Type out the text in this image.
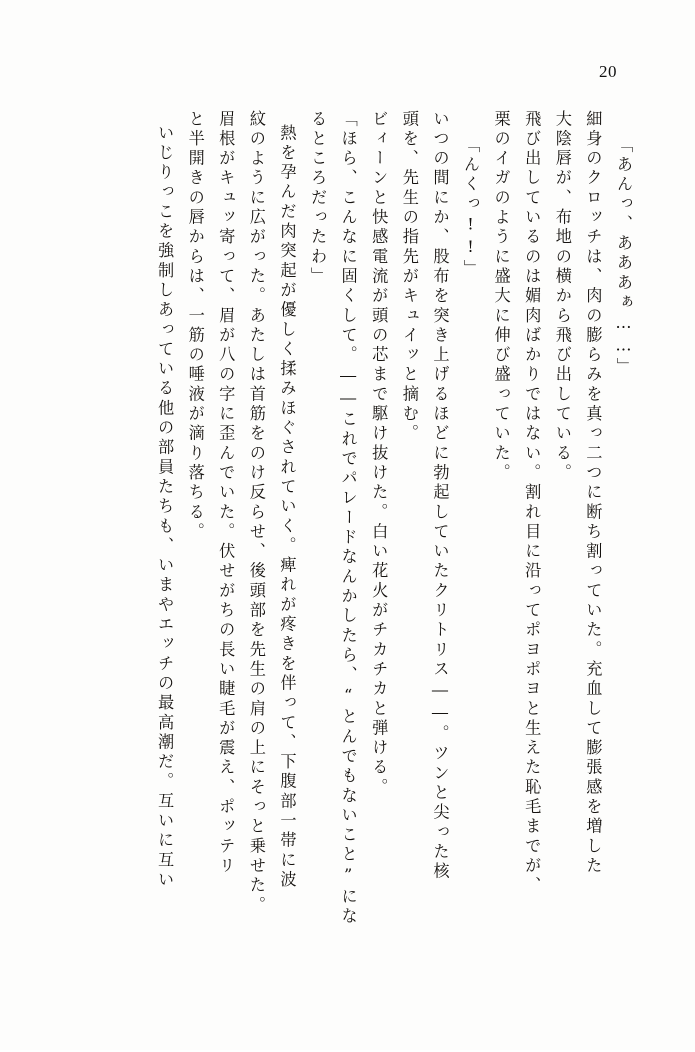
20
「あんっ、あああぁ……」
細身のクロッチは、肉の膨らみを真っ二つに断ち割っていた。充血して膨張感を増した
大陰唇が、布地の横から飛び出している。
飛び出しているのは媚肉ばかりではない。割れ目に沿ってポヨポヨと生えた恥毛までが、
栗のイガのように盛大に伸び盛っていた。
「んくっ!!」
いつの間にか、股布を突き上げるほどに勃起していたクリトリス――。ツンと尖った核
頭を、先生の指先がキュイッと摘む。
ビィーンと快感電流が頭の芯まで駆け抜けた。白い花火がチカチカと弾ける。
「ほら、こんなに固くして。――これでパレードなんかしたら、“とんでもないこと”にな
るところだったわ」
熱を孕んだ肉突起が優しく揉みほぐされていく。痺れが疼きを伴って、下腹部一帯に波
紋のように広がった。あたしは首筋をのけ反らせ、後頭部を先生の肩の上にそっと乗せた。
眉根がキュッ寄って、眉が八の字に歪んでいた。伏せがちの長い睫毛が震え、ポッテリ
と半開きの唇からは、一筋の唾液が滴り落ちる。
いじりっこを強制しあっている他の部員たちも、いまやエッチの最高潮だ。互いに互い
